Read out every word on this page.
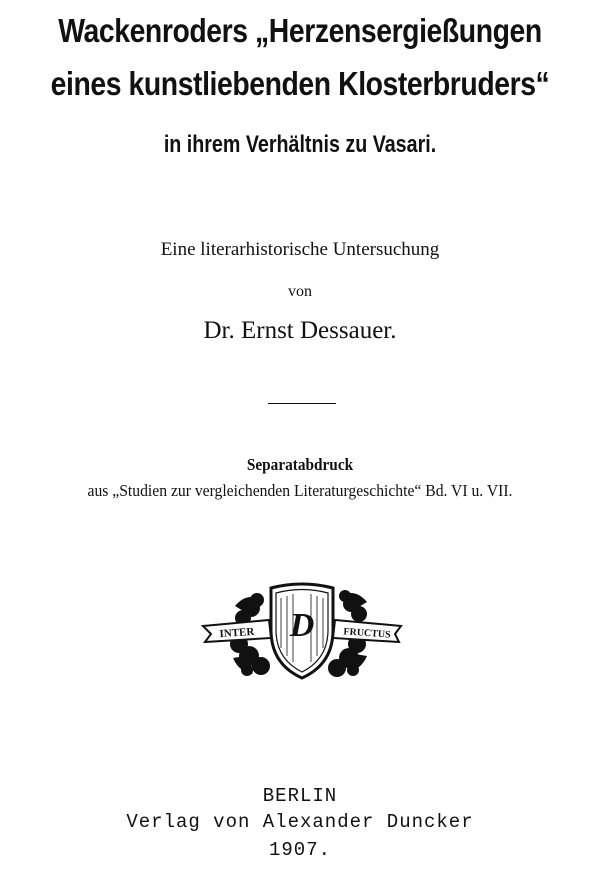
Wackenroders „Herzensergießungen
eines kunstliebenden Klosterbruders“
in ihrem Verhältnis zu Vasari.
Eine literarhistorische Untersuchung
von
Dr. Ernst Dessauer.
Separatabdruck
aus „Studien zur vergleichenden Literaturgeschichte“ Bd. VI u. VII.
D
INTER	FRUCTUS
BERLIN
Verlag von Alexander Duncker
1907.
